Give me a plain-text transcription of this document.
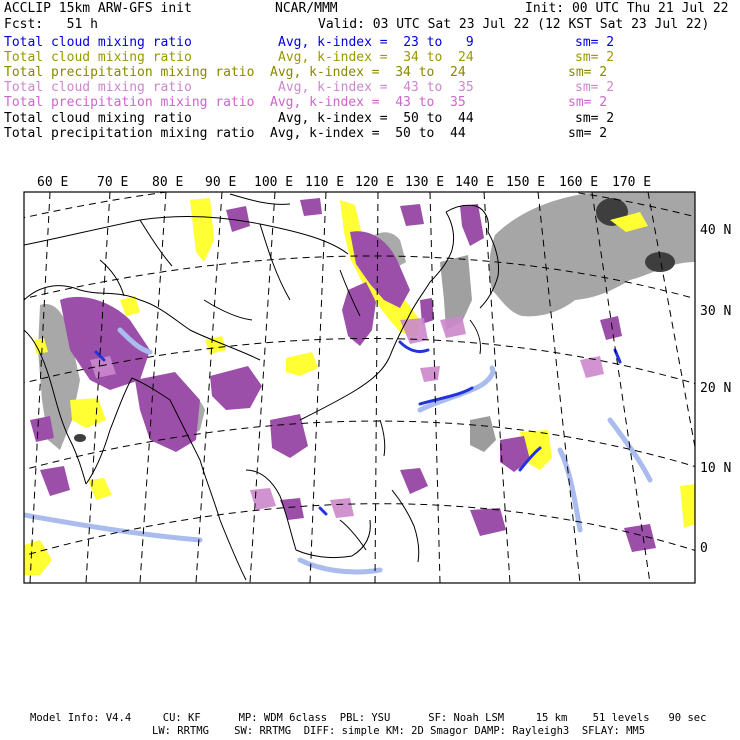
ACCLIP 15km ARW-GFS init	NCAR/MMM	Init: 00 UTC Thu 21 Jul 22
Fcst:   51 h	Valid: 03 UTC Sat 23 Jul 22 (12 KST Sat 23 Jul 22)
Total cloud mixing ratio	Avg, k-index =  23 to   9	sm= 2
Total cloud mixing ratio	Avg, k-index =  34 to  24	sm= 2
Total precipitation mixing ratio Avg, k-index =  34 to  24	sm= 2
Total cloud mixing ratio	Avg, k-index =  43 to  35	sm= 2
Total precipitation mixing ratio Avg, k-index =  43 to  35	sm= 2
Total cloud mixing ratio	Avg, k-index =  50 to  44	sm= 2
Total precipitation mixing ratio Avg, k-index =  50 to  44	sm= 2
60 E 70 E 80 E 90 E 100 E 110 E 120 E 130 E 140 E 150 E 160 E 170 E
40 N
30 N
20 N
10 N
0
Model Info: V4.4     CU: KF      MP: WDM 6class  PBL: YSU      SF: Noah LSM     15 km    51 levels   90 sec
LW: RRTMG    SW: RRTMG  DIFF: simple KM: 2D Smagor DAMP: Rayleigh3  SFLAY: MM5
